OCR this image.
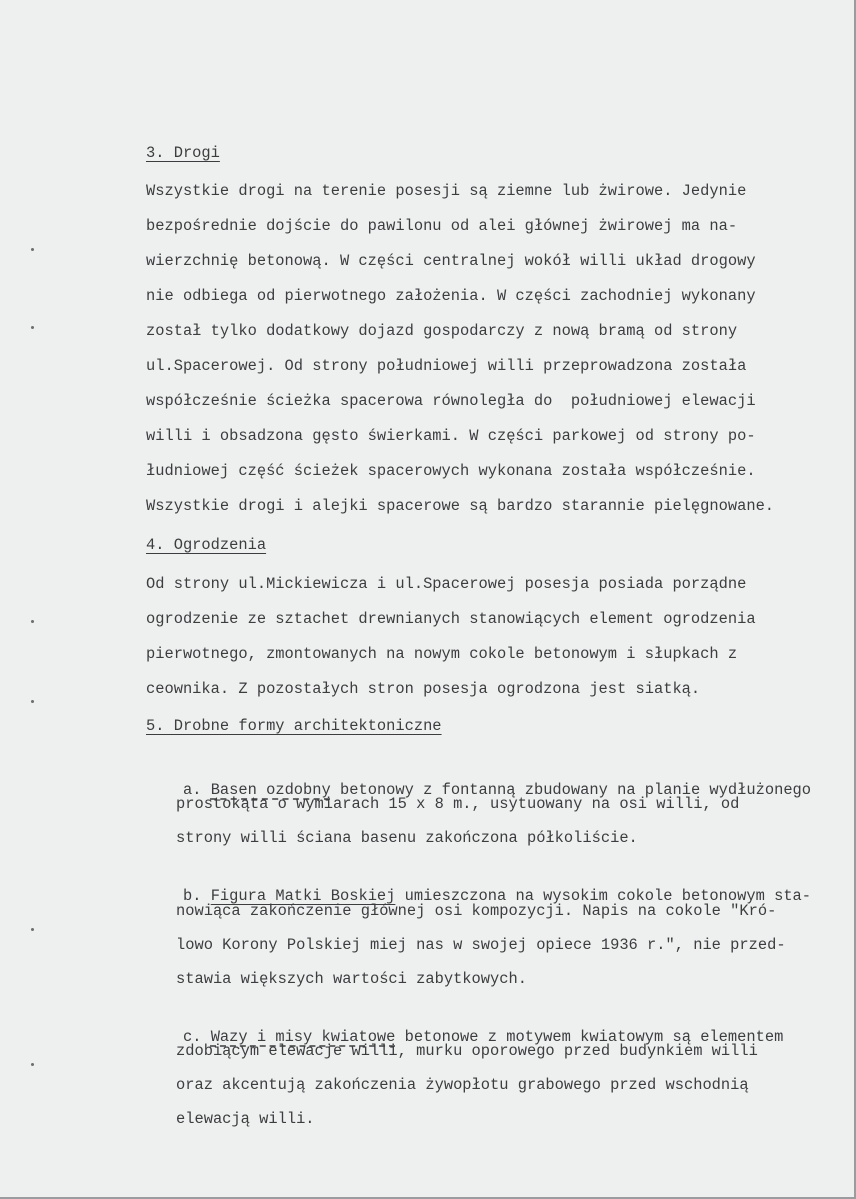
3. Drogi
Wszystkie drogi na terenie posesji są ziemne lub żwirowe. Jedynie
bezpośrednie dojście do pawilonu od alei głównej żwirowej ma na-
wierzchnię betonową. W części centralnej wokół willi układ drogowy
nie odbiega od pierwotnego założenia. W części zachodniej wykonany
został tylko dodatkowy dojazd gospodarczy z nową bramą od strony
ul.Spacerowej. Od strony południowej willi przeprowadzona została
współcześnie ścieżka spacerowa równoległa do  południowej elewacji
willi i obsadzona gęsto świerkami. W części parkowej od strony po-
łudniowej część ścieżek spacerowych wykonana została współcześnie.
Wszystkie drogi i alejki spacerowe są bardzo starannie pielęgnowane.
4. Ogrodzenia
Od strony ul.Mickiewicza i ul.Spacerowej posesja posiada porządne
ogrodzenie ze sztachet drewnianych stanowiących element ogrodzenia
pierwotnego, zmontowanych na nowym cokole betonowym i słupkach z
ceownika. Z pozostałych stron posesja ogrodzona jest siatką.
5. Drobne formy architektoniczne

a. Basen ozdobny betonowy z fontanną zbudowany na planie wydłużonego

prostokąta o wymiarach 15 x 8 m., usytuowany na osi willi, od
strony willi ściana basenu zakończona półkoliście.

b. Figura Matki Boskiej umieszczona na wysokim cokole betonowym sta-

nowiąca zakończenie głównej osi kompozycji. Napis na cokole "Kró-
lowo Korony Polskiej miej nas w swojej opiece 1936 r.", nie przed-
stawia większych wartości zabytkowych.

c. Wazy i misy kwiatowe betonowe z motywem kwiatowym są elementem

zdobiącym elewacje willi, murku oporowego przed budynkiem willi
oraz akcentują zakończenia żywopłotu grabowego przed wschodnią
elewacją willi.
